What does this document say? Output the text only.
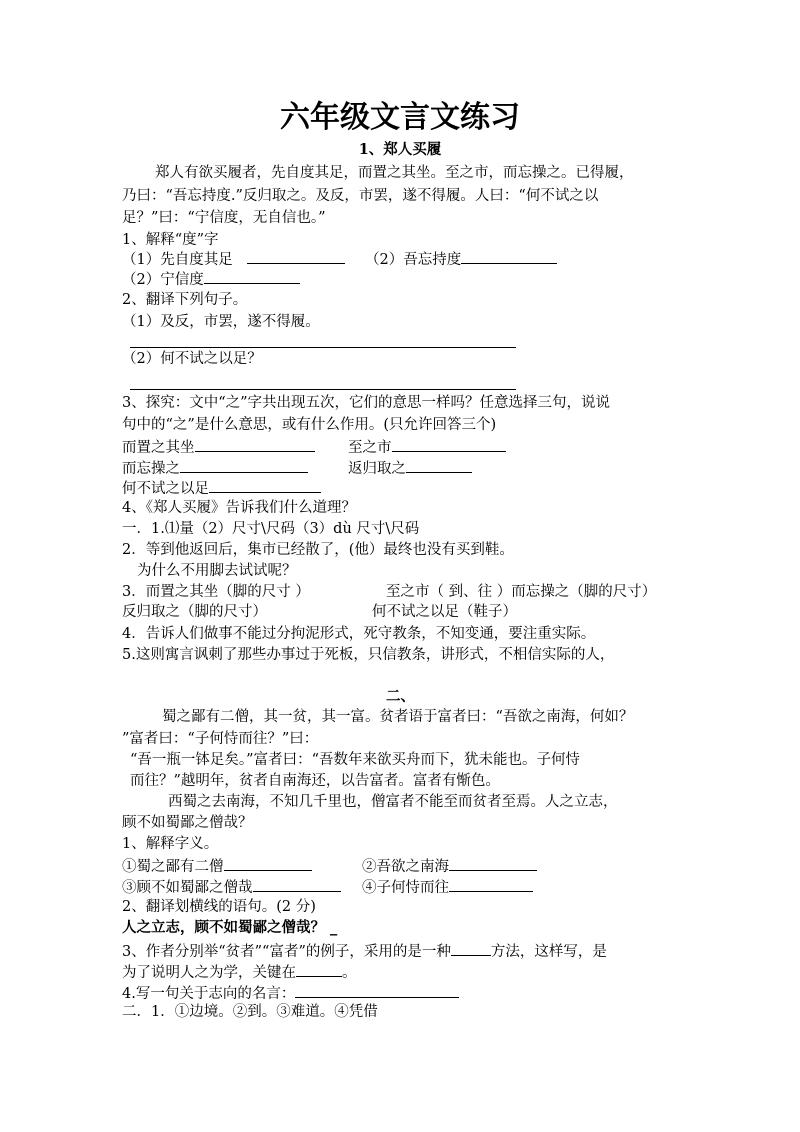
六年级文言文练习
1、郑人买履
郑人有欲买履者，先自度其足，而置之其坐。至之市，而忘操之。已得履，
乃曰：“吾忘持度.”反归取之。及反，市罢，遂不得履。人曰：“何不试之以
足？”曰：“宁信度，无自信也。”
1、解释“度”字
（1）先自度其足	（2）吾忘持度
（2）宁信度
2、翻译下列句子。
（1）及反，市罢，遂不得履。
（2）何不试之以足？
3、探究：文中“之”字共出现五次，它们的意思一样吗？任意选择三句，说说
句中的“之”是什么意思，或有什么作用。(只允许回答三个)
而置之其坐	至之市
而忘操之	返归取之
何不试之以足
4、《郑人买履》告诉我们什么道理？
一．1.⑴量（2）尺寸\尺码（3）dù 尺寸\尺码
2．等到他返回后，集市已经散了，(他）最终也没有买到鞋。
为什么不用脚去试试呢？
3．而置之其坐（脚的尺寸 ）	至之市（ 到、往 ）而忘操之（脚的尺寸）
反归取之（脚的尺寸）	何不试之以足（鞋子）
4．告诉人们做事不能过分拘泥形式，死守教条，不知变通，要注重实际。
5.这则寓言讽刺了那些办事过于死板，只信教条，讲形式，不相信实际的人，
二、
蜀之鄙有二僧，其一贫，其一富。贫者语于富者曰：“吾欲之南海，何如？
”富者曰：“子何恃而往？”曰：
“吾一瓶一钵足矣。”富者曰：“吾数年来欲买舟而下，犹未能也。子何恃
而往？”越明年，贫者自南海还，以告富者。富者有惭色。
西蜀之去南海，不知几千里也，僧富者不能至而贫者至焉。人之立志，
顾不如蜀鄙之僧哉？
1、解释字义。
①蜀之鄙有二僧	②吾欲之南海
③顾不如蜀鄙之僧哉	④子何恃而往
2、翻译划横线的语句。(2 分)
人之立志，顾不如蜀鄙之僧哉？ _
3、作者分别举“贫者”“富者”的例子，采用的是一种	方法，这样写，是
为了说明人之为学，关键在	。
4.写一句关于志向的名言：
二．1．①边境。②到。③难道。④凭借
